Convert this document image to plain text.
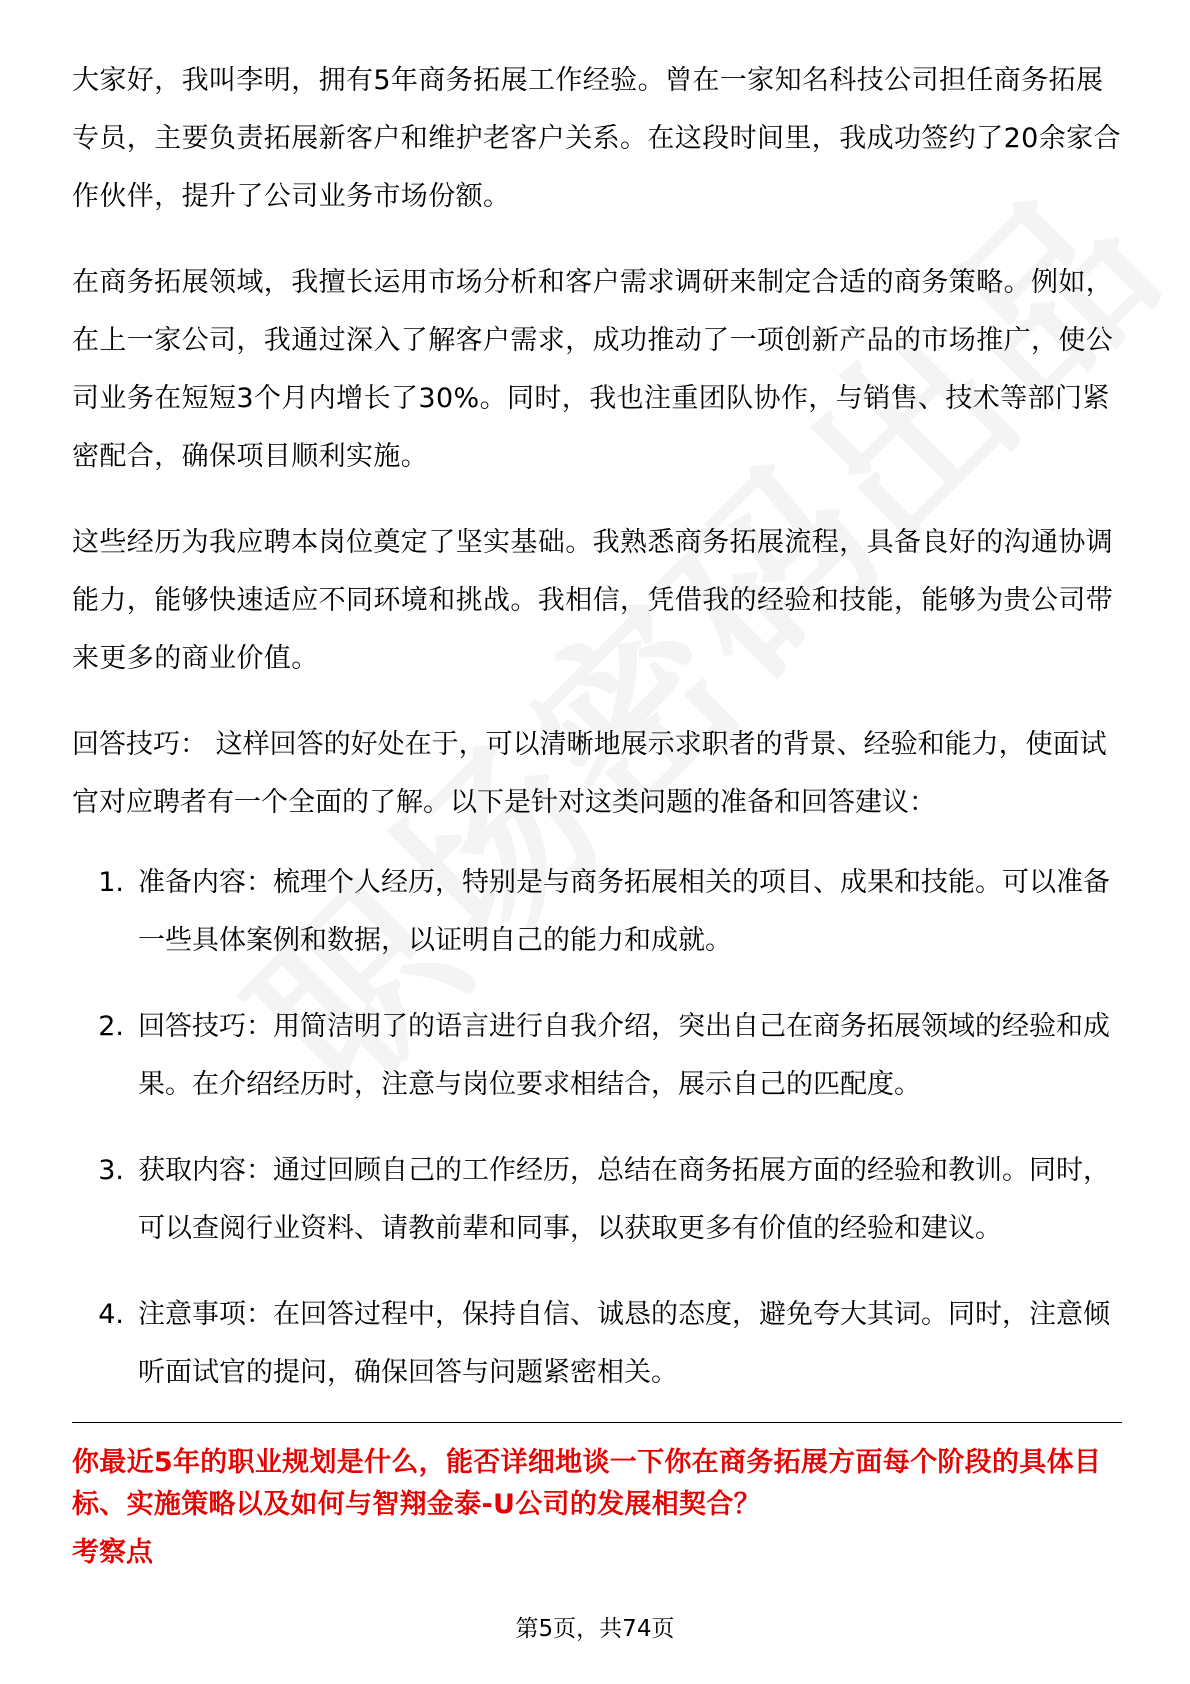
大家好，我叫李明，拥有5年商务拓展工作经验。曾在一家知名科技公司担任商务拓展专员，主要负责拓展新客户和维护老客户关系。在这段时间里，我成功签约了20余家合作伙伴，提升了公司业务市场份额。

在商务拓展领域，我擅长运用市场分析和客户需求调研来制定合适的商务策略。例如，在上一家公司，我通过深入了解客户需求，成功推动了一项创新产品的市场推广，使公司业务在短短3个月内增长了30%。同时，我也注重团队协作，与销售、技术等部门紧密配合，确保项目顺利实施。

这些经历为我应聘本岗位奠定了坚实基础。我熟悉商务拓展流程，具备良好的沟通协调能力，能够快速适应不同环境和挑战。我相信，凭借我的经验和技能，能够为贵公司带来更多的商业价值。

回答技巧： 这样回答的好处在于，可以清晰地展示求职者的背景、经验和能力，使面试官对应聘者有一个全面的了解。以下是针对这类问题的准备和回答建议：

1. 准备内容：梳理个人经历，特别是与商务拓展相关的项目、成果和技能。可以准备一些具体案例和数据，以证明自己的能力和成就。
2. 回答技巧：用简洁明了的语言进行自我介绍，突出自己在商务拓展领域的经验和成果。在介绍经历时，注意与岗位要求相结合，展示自己的匹配度。
3. 获取内容：通过回顾自己的工作经历，总结在商务拓展方面的经验和教训。同时，可以查阅行业资料、请教前辈和同事，以获取更多有价值的经验和建议。
4. 注意事项：在回答过程中，保持自信、诚恳的态度，避免夸大其词。同时，注意倾听面试官的提问，确保回答与问题紧密相关。
你最近5年的职业规划是什么，能否详细地谈一下你在商务拓展方面每个阶段的具体目标、实施策略以及如何与智翔金泰-U公司的发展相契合？
考察点
第5页，共74页
